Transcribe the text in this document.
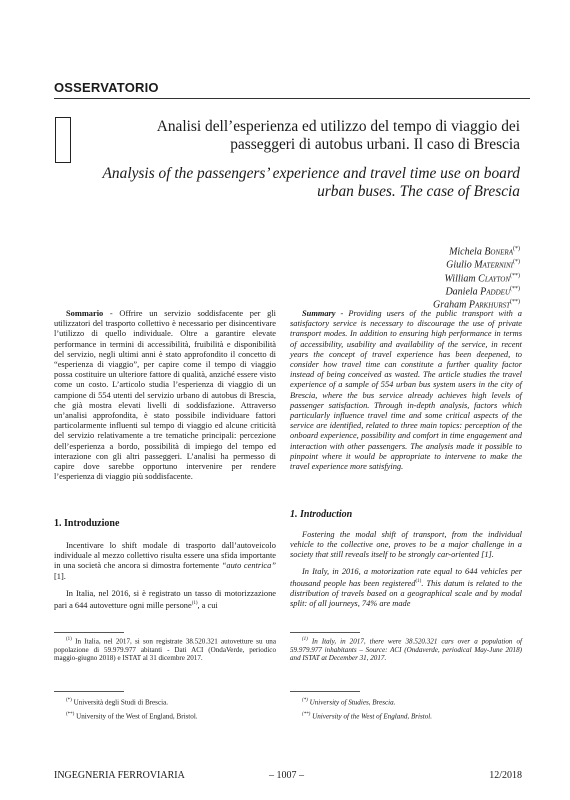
OSSERVATORIO
Analisi dell’esperienza ed utilizzo del tempo di viaggio dei passeggeri di autobus urbani. Il caso di Brescia
Analysis of the passengers’ experience and travel time use on board urban buses. The case of Brescia
Michela Bonera(*)
Giulio Maternini(*)
William Clayton(**)
Daniela Paddeu(**)
Graham Parkhurst(**)

Sommario - Offrire un servizio soddisfacente per gli utilizzatori del trasporto collettivo è necessario per disincentivare l’utilizzo di quello individuale. Oltre a garantire elevate performance in termini di accessibilità, fruibilità e disponibilità del servizio, negli ultimi anni è stato approfondito il concetto di “esperienza di viaggio”, per capire come il tempo di viaggio possa costituire un ulteriore fattore di qualità, anziché essere visto come un costo. L’articolo studia l’esperienza di viaggio di un campione di 554 utenti del servizio urbano di autobus di Brescia, che già mostra elevati livelli di soddisfazione. Attraverso un’analisi approfondita, è stato possibile individuare fattori particolarmente influenti sul tempo di viaggio ed alcune criticità del servizio relativamente a tre tematiche principali: percezione dell’esperienza a bordo, possibilità di impiego del tempo ed interazione con gli altri passeggeri. L’analisi ha permesso di capire dove sarebbe opportuno intervenire per rendere l’esperienza di viaggio più soddisfacente.

1. Introduzione

Incentivare lo shift modale di trasporto dall’autoveicolo individuale al mezzo collettivo risulta essere una sfida importante in una società che ancora si dimostra fortemente “auto centrica” [1].

In Italia, nel 2016, si è registrato un tasso di motorizzazione pari a 644 autovetture ogni mille persone$^{(1)}$, a cui

$^{(1)}$ In Italia, nel 2017, si son registrate 38.520.321 autovetture su una popolazione di 59.979.977 abitanti - Dati ACI (OndaVerde, periodico maggio-giugno 2018) e ISTAT al 31 dicembre 2017.
(*) Università degli Studi di Brescia.
(**) University of the West of England, Bristol.

Summary - Providing users of the public transport with a satisfactory service is necessary to discourage the use of private transport modes. In addition to ensuring high performance in terms of accessibility, usability and availability of the service, in recent years the concept of travel experience has been deepened, to consider how travel time can constitute a further quality factor instead of being conceived as wasted. The article studies the travel experience of a sample of 554 urban bus system users in the city of Brescia, where the bus service already achieves high levels of passenger satisfaction. Through in-depth analysis, factors which particularly influence travel time and some critical aspects of the service are identified, related to three main topics: perception of the onboard experience, possibility and comfort in time engagement and interaction with other passengers. The analysis made it possible to pinpoint where it would be appropriate to intervene to make the travel experience more satisfying.

1. Introduction

Fostering the modal shift of transport, from the individual vehicle to the collective one, proves to be a major challenge in a society that still reveals itself to be strongly car-oriented [1].

In Italy, in 2016, a motorization rate equal to 644 vehicles per thousand people has been registered$^{(1)}$. This datum is related to the distribution of travels based on a geographical scale and by modal split: of all journeys, 74% are made

$^{(1)}$ In Italy, in 2017, there were 38.520.321 cars over a population of 59.979.977 inhabitants – Source: ACI (Ondaverde, periodical May-June 2018) and ISTAT at December 31, 2017.
(*) University of Studies, Brescia.
(**) University of the West of England, Bristol.
INGEGNERIA FERROVIARIA	– 1007 –	12/2018
